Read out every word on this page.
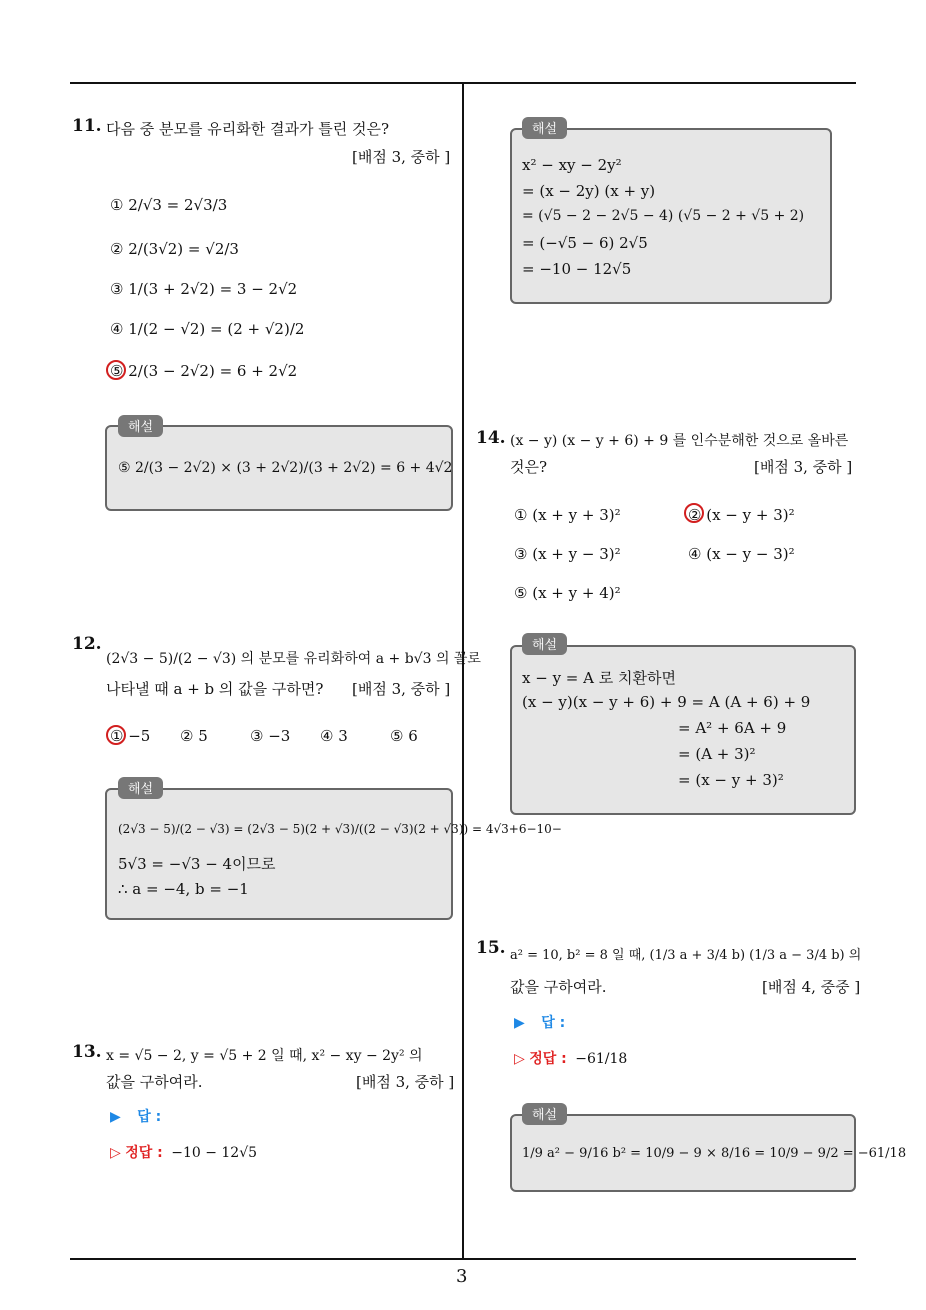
3
11. 다음 중 분모를 유리화한 결과가 틀린 것은?
[배점 3, 중하 ]
① 2/√3 = 2√3/3
② 2/(3√2) = √2/3
③ 1/(3 + 2√2) = 3 − 2√2
④ 1/(2 − √2) = (2 + √2)/2
⑤ 2/(3 − 2√2) = 6 + 2√2
해설
⑤ 2/(3 − 2√2) × (3 + 2√2)/(3 + 2√2) = 6 + 4√2
12.
(2√3 − 5)/(2 − √3) 의 분모를 유리화하여 a + b√3 의 꼴로
나타낼 때 a + b 의 값을 구하면? [배점 3, 중하 ]
① −5 ② 5	③ −3 ④ 3	⑤ 6
해설
(2√3 − 5)/(2 − √3) = (2√3 − 5)(2 + √3)/((2 − √3)(2 + √3)) = 4√3+6−10−
5√3 = −√3 − 4이므로
∴ a = −4, b = −1
13. x = √5 − 2, y = √5 + 2 일 때, x² − xy − 2y² 의
값을 구하여라.	[배점 3, 중하 ]
▶ 답 :
▷ 정답 : −10 − 12√5
해설
x² − xy − 2y²
= (x − 2y) (x + y)
= (√5 − 2 − 2√5 − 4) (√5 − 2 + √5 + 2)
= (−√5 − 6) 2√5
= −10 − 12√5
14. (x − y) (x − y + 6) + 9 를 인수분해한 것으로 올바른
것은?	[배점 3, 중하 ]
① (x + y + 3)²	② (x − y + 3)²
③ (x + y − 3)²	④ (x − y − 3)²
⑤ (x + y + 4)²
해설
x − y = A 로 치환하면
(x − y)(x − y + 6) + 9 = A (A + 6) + 9
= A² + 6A + 9
= (A + 3)²
= (x − y + 3)²
15. a² = 10, b² = 8 일 때, (1/3 a + 3/4 b) (1/3 a − 3/4 b) 의
값을 구하여라.	[배점 4, 중중 ]
▶ 답 :
▷ 정답 : −61/18
해설
1/9 a² − 9/16 b² = 10/9 − 9 × 8/16 = 10/9 − 9/2 = −61/18
